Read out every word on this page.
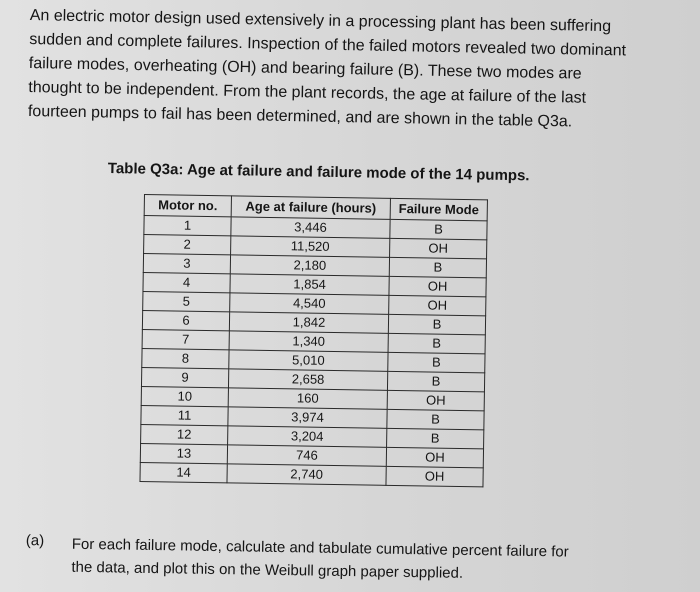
An electric motor design used extensively in a processing plant has been suffering

sudden and complete failures. Inspection of the failed motors revealed two dominant

failure modes, overheating (OH) and bearing failure (B). These two modes are

thought to be independent. From the plant records, the age at failure of the last

fourteen pumps to fail has been determined, and are shown in the table Q3a.

Table Q3a: Age at failure and failure mode of the 14 pumps.
Motor no.	Age at failure (hours)	Failure Mode
1	3,446	B
2	11,520	OH
3	2,180	B
4	1,854	OH
5	4,540	OH
6	1,842	B
7	1,340	B
8	5,010	B
9	2,658	B
10	160	OH
11	3,974	B
12	3,204	B
13	746	OH
14	2,740	OH
(a) For each failure mode, calculate and tabulate cumulative percent failure for
the data, and plot this on the Weibull graph paper supplied.
